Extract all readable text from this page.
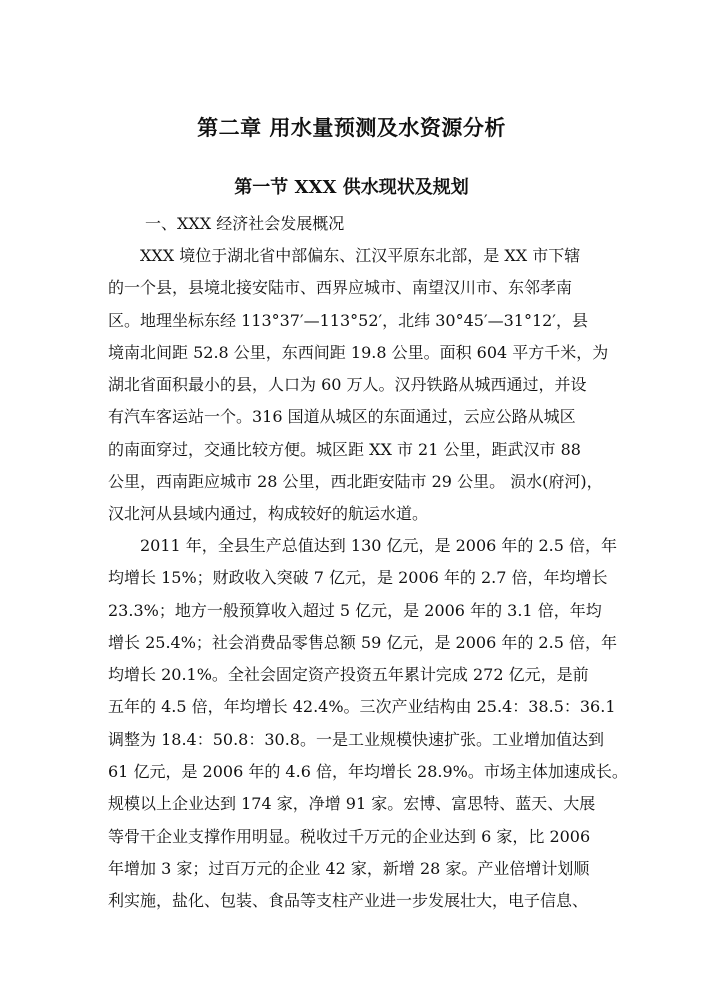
第二章 用水量预测及水资源分析
第一节 XXX 供水现状及规划

一、XXX 经济社会发展概况

XXX 境位于湖北省中部偏东、江汉平原东北部，是 XX 市下辖
的一个县，县境北接安陆市、西界应城市、南望汉川市、东邻孝南
区。地理坐标东经 113°37′—113°52′，北纬 30°45′—31°12′，县
境南北间距 52.8 公里，东西间距 19.8 公里。面积 604 平方千米，为
湖北省面积最小的县，人口为 60 万人。汉丹铁路从城西通过，并设
有汽车客运站一个。316 国道从城区的东面通过，云应公路从城区
的南面穿过，交通比较方便。城区距 XX 市 21 公里，距武汉市 88
公里，西南距应城市 28 公里，西北距安陆市 29 公里。 涢水(府河)，
汉北河从县域内通过，构成较好的航运水道。
2011 年，全县生产总值达到 130 亿元，是 2006 年的 2.5 倍，年
均增长 15%；财政收入突破 7 亿元，是 2006 年的 2.7 倍，年均增长
23.3%；地方一般预算收入超过 5 亿元，是 2006 年的 3.1 倍，年均
增长 25.4%；社会消费品零售总额 59 亿元，是 2006 年的 2.5 倍，年
均增长 20.1%。全社会固定资产投资五年累计完成 272 亿元，是前
五年的 4.5 倍，年均增长 42.4%。三次产业结构由 25.4：38.5：36.1
调整为 18.4：50.8：30.8。一是工业规模快速扩张。工业增加值达到
61 亿元，是 2006 年的 4.6 倍，年均增长 28.9%。市场主体加速成长。
规模以上企业达到 174 家，净增 91 家。宏博、富思特、蓝天、大展
等骨干企业支撑作用明显。税收过千万元的企业达到 6 家，比 2006
年增加 3 家；过百万元的企业 42 家，新增 28 家。产业倍增计划顺
利实施，盐化、包装、食品等支柱产业进一步发展壮大，电子信息、
